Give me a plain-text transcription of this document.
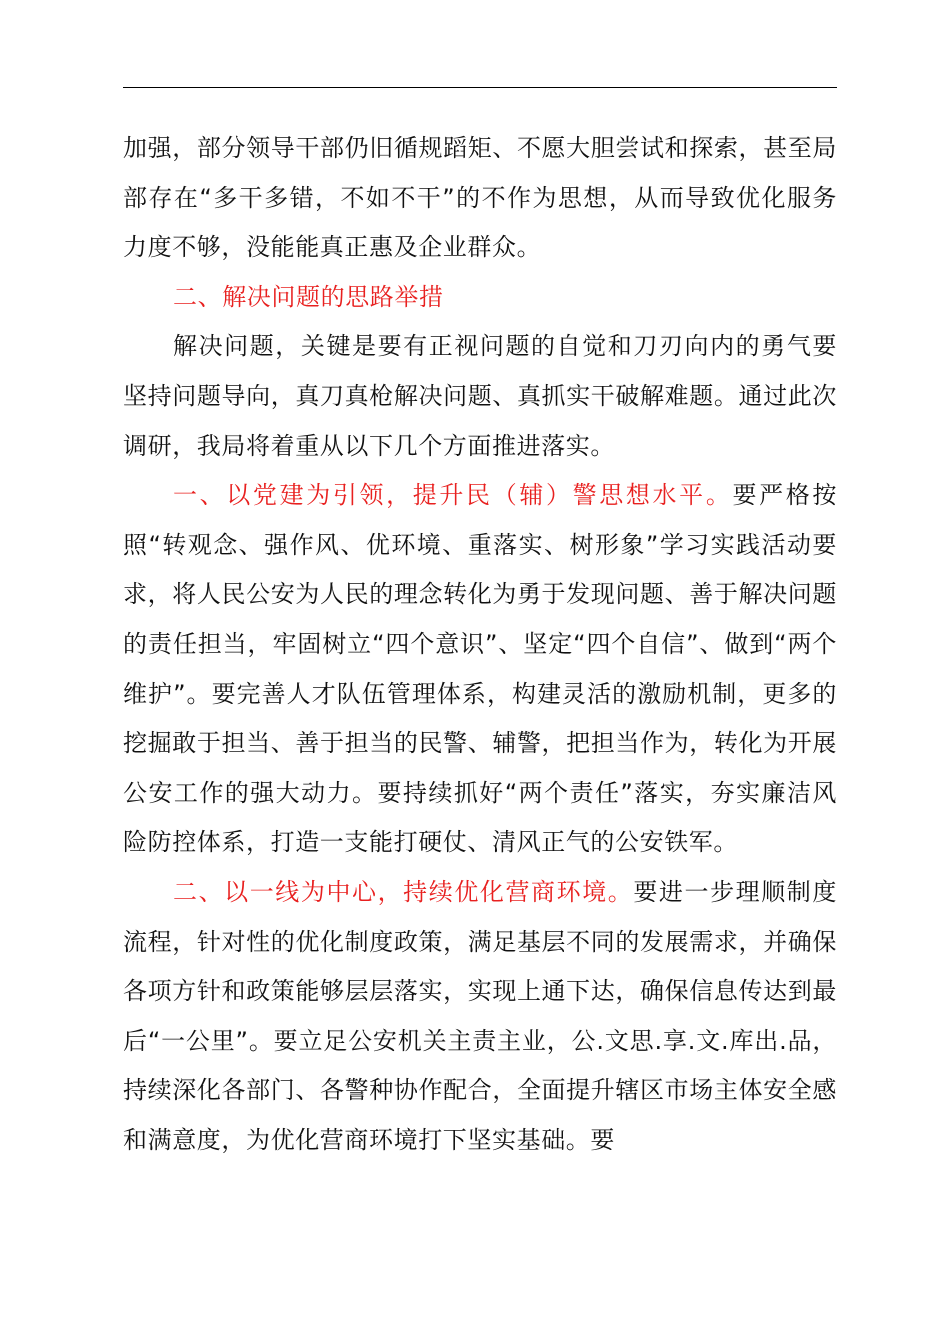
加强，部分领导干部仍旧循规蹈矩、不愿大胆尝试和探索，甚至局部存在“多干多错，不如不干”的不作为思想，从而导致优化服务力度不够，没能能真正惠及企业群众。

二、解决问题的思路举措

解决问题，关键是要有正视问题的自觉和刀刃向内的勇气要坚持问题导向，真刀真枪解决问题、真抓实干破解难题。通过此次调研，我局将着重从以下几个方面推进落实。

一、以党建为引领，提升民（辅）警思想水平。要严格按照“转观念、强作风、优环境、重落实、树形象”学习实践活动要求，将人民公安为人民的理念转化为勇于发现问题、善于解决问题的责任担当，牢固树立“四个意识”、坚定“四个自信”、做到“两个维护”。要完善人才队伍管理体系，构建灵活的激励机制，更多的挖掘敢于担当、善于担当的民警、辅警，把担当作为，转化为开展公安工作的强大动力。要持续抓好“两个责任”落实，夯实廉洁风险防控体系，打造一支能打硬仗、清风正气的公安铁军。

二、以一线为中心，持续优化营商环境。要进一步理顺制度流程，针对性的优化制度政策，满足基层不同的发展需求，并确保各项方针和政策能够层层落实，实现上通下达，确保信息传达到最后“一公里”。要立足公安机关主责主业，公.文思.享.文.库出.品，持续深化各部门、各警种协作配合，全面提升辖区市场主体安全感和满意度，为优化营商环境打下坚实基础。要
